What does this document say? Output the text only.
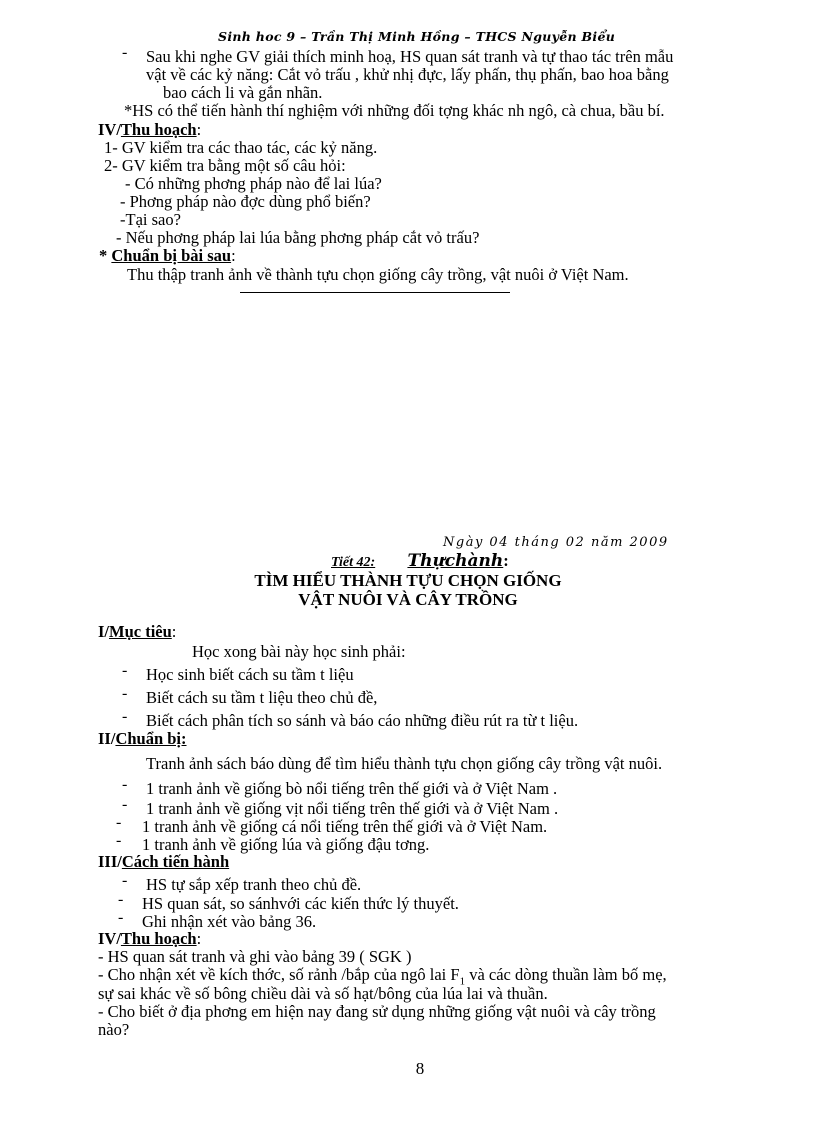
Sinh hoc 9 – Trần Thị Minh Hồng – THCS Nguyễn Biểu
- Sau khi nghe GV giải thích minh hoạ, HS quan sát tranh và tự thao tác trên mẫu
vật về các kỷ năng: Cắt vỏ trấu , khử nhị đực, lấy phấn, thụ phấn, bao hoa bằng
bao cách li và gắn nhãn.
*HS có thể tiến hành thí nghiệm với những đối tợng khác nh ngô, cà chua, bầu bí.
IV/Thu hoạch:
1- GV kiểm tra các thao tác, các kỷ năng.
2- GV kiểm tra bằng một số câu hỏi:
- Có những phơng pháp nào để lai lúa?
- Phơng pháp nào đợc dùng phổ biến?
-Tại sao?
- Nếu phơng pháp lai lúa bằng phơng pháp cắt vỏ trấu?
* Chuẩn bị bài sau:
Thu thập tranh ảnh về thành tựu chọn giống cây trồng, vật nuôi ở Việt Nam.
Ngày 04 tháng 02 năm 2009
Tiết 42: Thựchành:
TÌM HIỂU THÀNH TỰU CHỌN GIỐNG
VẬT NUÔI VÀ CÂY TRỒNG
I/Mục tiêu:
Học xong bài này học sinh phải:
- Học sinh biết cách su tầm t liệu
- Biết cách su tầm t liệu theo chủ đề,
- Biết cách phân tích so sánh và báo cáo những điều rút ra từ t liệu.
II/Chuẩn bị:
Tranh ảnh sách báo dùng để tìm hiểu thành tựu chọn giống cây trồng vật nuôi.
- 1 tranh ảnh về giống bò nổi tiếng trên thế giới và ở Việt Nam .
- 1 tranh ảnh về giống vịt nổi tiếng trên thế giới và ở Việt Nam .
- 1 tranh ảnh về giống cá nổi tiếng trên thế giới và ở Việt Nam.
- 1 tranh ảnh về giống lúa và giống đậu tơng.
III/Cách tiến hành
- HS tự sắp xếp tranh theo chủ đề.
- HS quan sát, so sánhvới các kiến thức lý thuyết.
- Ghi nhận xét vào bảng 36.
IV/Thu hoạch:
- HS quan sát tranh và ghi vào bảng 39 ( SGK )
- Cho nhận xét về kích thớc, số rảnh /bắp của ngô lai $F_1$ và các dòng thuần làm bố mẹ,
sự sai khác về số bông chiều dài và số hạt/bông của lúa lai và thuần.
- Cho biết ở địa phơng em hiện nay đang sử dụng những giống vật nuôi và cây trồng
nào?
8
